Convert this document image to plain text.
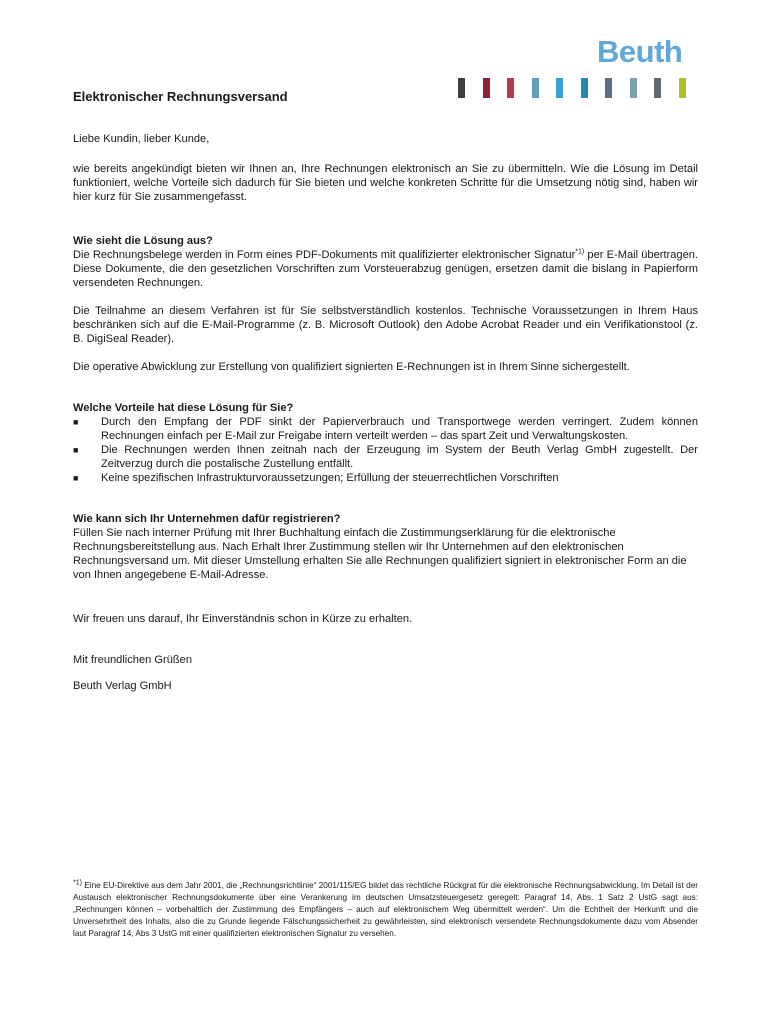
Beuth
Elektronischer Rechnungsversand

Liebe Kundin, lieber Kunde,

wie bereits angekündigt bieten wir Ihnen an, Ihre Rechnungen elektronisch an Sie zu übermitteln. Wie die Lösung im Detail funktioniert, welche Vorteile sich dadurch für Sie bieten und welche konkreten Schritte für die Umsetzung nötig sind, haben wir hier kurz für Sie zusammengefasst.

Wie sieht die Lösung aus?

Die Rechnungsbelege werden in Form eines PDF-Dokuments mit qualifizierter elektronischer Signatur$^{*1)}$ per E-Mail übertragen. Diese Dokumente, die den gesetzlichen Vorschriften zum Vorsteuerabzug genügen, ersetzen damit die bislang in Papierform versendeten Rechnungen.

Die Teilnahme an diesem Verfahren ist für Sie selbstverständlich kostenlos. Technische Voraussetzungen in Ihrem Haus beschränken sich auf die E-Mail-Programme (z. B. Microsoft Outlook) den Adobe Acrobat Reader und ein Verifikationstool (z. B. DigiSeal Reader).

Die operative Abwicklung zur Erstellung von qualifiziert signierten E-Rechnungen ist in Ihrem Sinne sichergestellt.

Welche Vorteile hat diese Lösung für Sie?

■ Durch den Empfang der PDF sinkt der Papierverbrauch und Transportwege werden verringert. Zudem können Rechnungen einfach per E-Mail zur Freigabe intern verteilt werden – das spart Zeit und Verwaltungskosten.
■ Die Rechnungen werden Ihnen zeitnah nach der Erzeugung im System der Beuth Verlag GmbH zugestellt. Der Zeitverzug durch die postalische Zustellung entfällt.
■ Keine spezifischen Infrastrukturvoraussetzungen; Erfüllung der steuerrechtlichen Vorschriften

Wie kann sich Ihr Unternehmen dafür registrieren?

Füllen Sie nach interner Prüfung mit Ihrer Buchhaltung einfach die Zustimmungserklärung für die elektronische Rechnungsbereitstellung aus. Nach Erhalt Ihrer Zustimmung stellen wir Ihr Unternehmen auf den elektronischen Rechnungsversand um. Mit dieser Umstellung erhalten Sie alle Rechnungen qualifiziert signiert in elektronischer Form an die von Ihnen angegebene E-Mail-Adresse.

Wir freuen uns darauf, Ihr Einverständnis schon in Kürze zu erhalten.

Mit freundlichen Grüßen

Beuth Verlag GmbH

$^{*1)}$ Eine EU-Direktive aus dem Jahr 2001, die „Rechnungsrichtlinie“ 2001/115/EG bildet das rechtliche Rückgrat für die elektronische Rechnungsabwicklung. Im Detail ist der Austausch elektronischer Rechnungsdokumente über eine Verankerung im deutschen Umsatzsteuergesetz geregelt: Paragraf 14, Abs. 1 Satz 2 UstG sagt aus: „Rechnungen können – vorbehaltlich der Zustimmung des Empfängers – auch auf elektronischem Weg übermittelt werden“. Um die Echtheit der Herkunft und die Unversehrtheit des Inhalts, also die zu Grunde liegende Fälschungssicherheit zu gewährleisten, sind elektronisch versendete Rechnungsdokumente dazu vom Absender laut Paragraf 14, Abs 3 UstG mit einer qualifizierten elektronischen Signatur zu versehen.
